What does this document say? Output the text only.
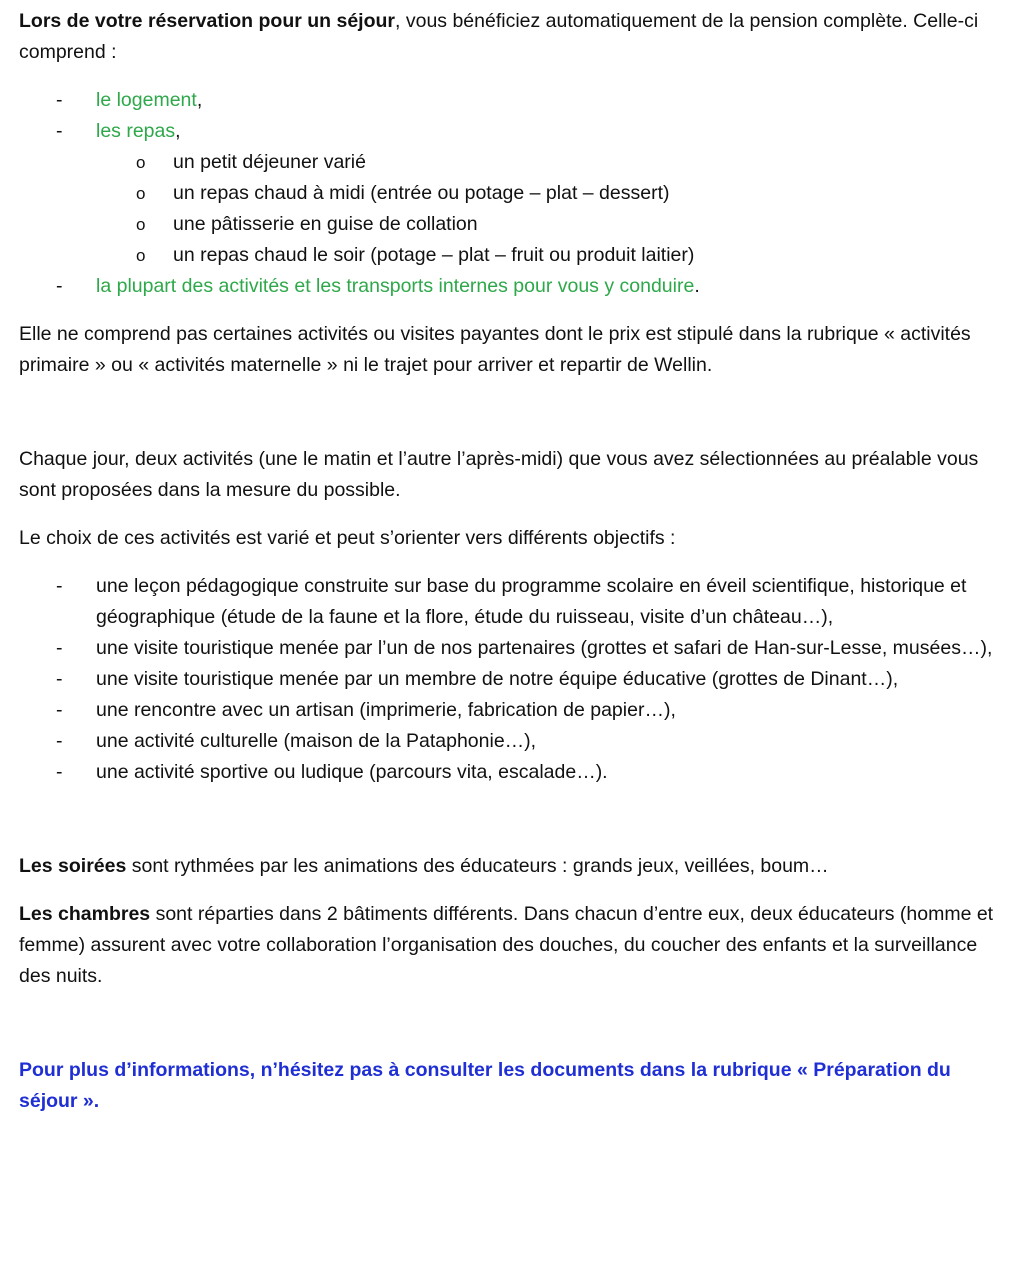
Lors de votre réservation pour un séjour, vous bénéficiez automatiquement de la pension complète. Celle-ci comprend :

- le logement,
- les repas,
o un petit déjeuner varié
o un repas chaud à midi (entrée ou potage – plat – dessert)
o une pâtisserie en guise de collation
o un repas chaud le soir (potage – plat – fruit ou produit laitier)
- la plupart des activités et les transports internes pour vous y conduire.

Elle ne comprend pas certaines activités ou visites payantes dont le prix est stipulé dans la rubrique « activités primaire » ou « activités maternelle » ni le trajet pour arriver et repartir de Wellin.

Chaque jour, deux activités (une le matin et l’autre l’après-midi) que vous avez sélectionnées au préalable vous sont proposées dans la mesure du possible.

Le choix de ces activités est varié et peut s’orienter vers différents objectifs :

- une leçon pédagogique construite sur base du programme scolaire en éveil scientifique, historique et géographique (étude de la faune et la flore, étude du ruisseau, visite d’un château…),
- une visite touristique menée par l’un de nos partenaires (grottes et safari de Han-sur-Lesse, musées…),
- une visite touristique menée par un membre de notre équipe éducative (grottes de Dinant…),
- une rencontre avec un artisan (imprimerie, fabrication de papier…),
- une activité culturelle (maison de la Pataphonie…),
- une activité sportive ou ludique (parcours vita, escalade…).

Les soirées sont rythmées par les animations des éducateurs : grands jeux, veillées, boum…

Les chambres sont réparties dans 2 bâtiments différents. Dans chacun d’entre eux, deux éducateurs (homme et femme) assurent avec votre collaboration l’organisation des douches, du coucher des enfants et la surveillance des nuits.

Pour plus d’informations, n’hésitez pas à consulter les documents dans la rubrique « Préparation du séjour ».
